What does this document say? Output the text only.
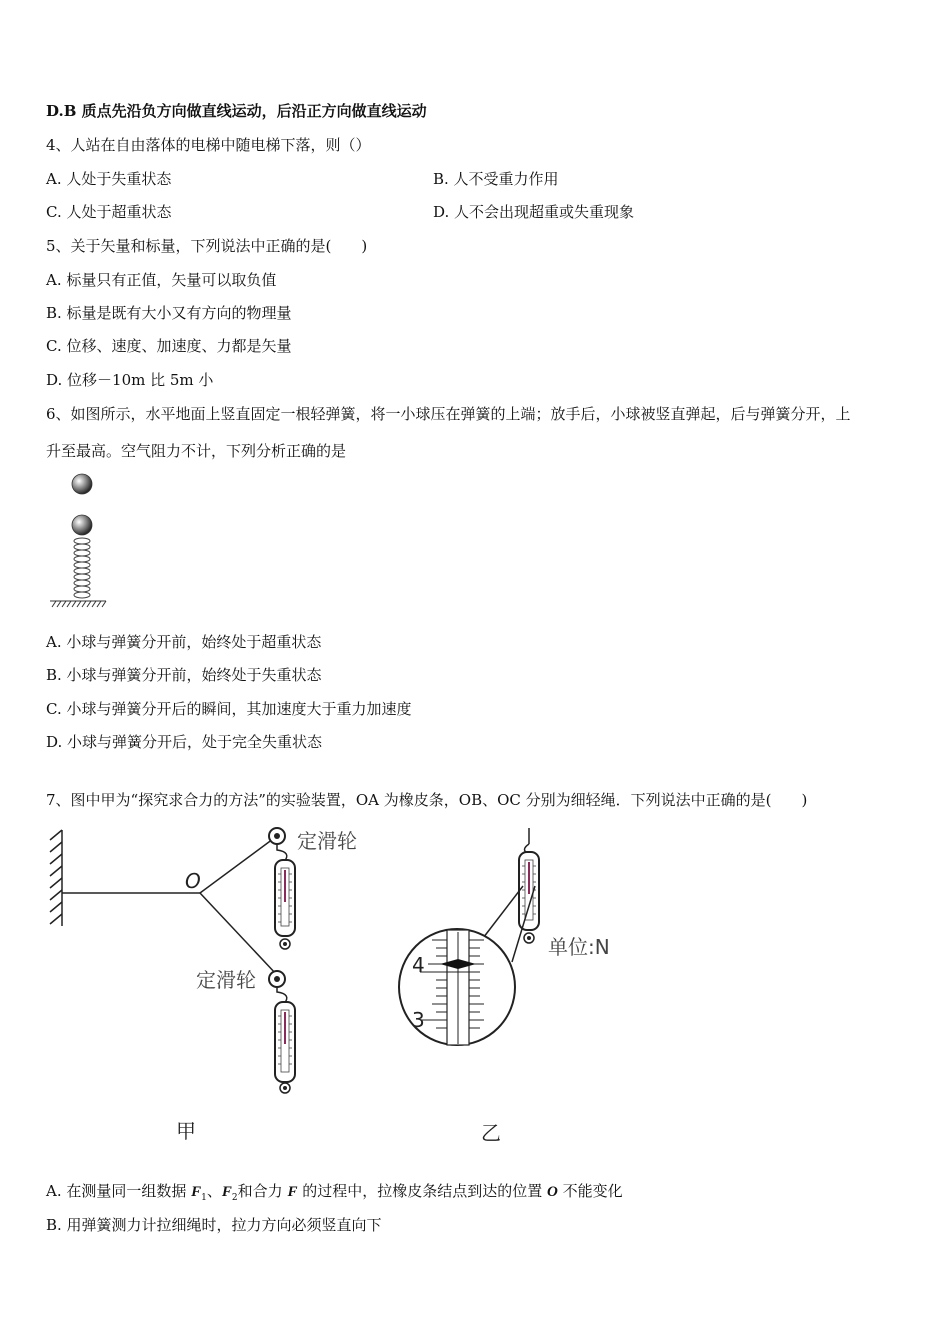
D.B 质点先沿负方向做直线运动，后沿正方向做直线运动
4、人站在自由落体的电梯中随电梯下落，则（）
A. 人处于失重状态	B. 人不受重力作用
C. 人处于超重状态	D. 人不会出现超重或失重现象
5、关于矢量和标量，下列说法中正确的是(　　)
A. 标量只有正值，矢量可以取负值
B. 标量是既有大小又有方向的物理量
C. 位移、速度、加速度、力都是矢量
D. 位移－10m 比 5m 小
6、如图所示，水平地面上竖直固定一根轻弹簧，将一小球压在弹簧的上端；放手后，小球被竖直弹起，后与弹簧分开，上
升至最高。空气阻力不计，下列分析正确的是
A. 小球与弹簧分开前，始终处于超重状态
B. 小球与弹簧分开前，始终处于失重状态
C. 小球与弹簧分开后的瞬间，其加速度大于重力加速度
D. 小球与弹簧分开后，处于完全失重状态
7、图中甲为“探究求合力的方法”的实验装置，OA 为橡皮条，OB、OC 分别为细轻绳．下列说法中正确的是(　　)
O
定滑轮
定滑轮
甲
单位:N
4
3
乙
A. 在测量同一组数据 $F_1$、$F_2$和合力 F 的过程中，拉橡皮条结点到达的位置 O 不能变化
B. 用弹簧测力计拉细绳时，拉力方向必须竖直向下
